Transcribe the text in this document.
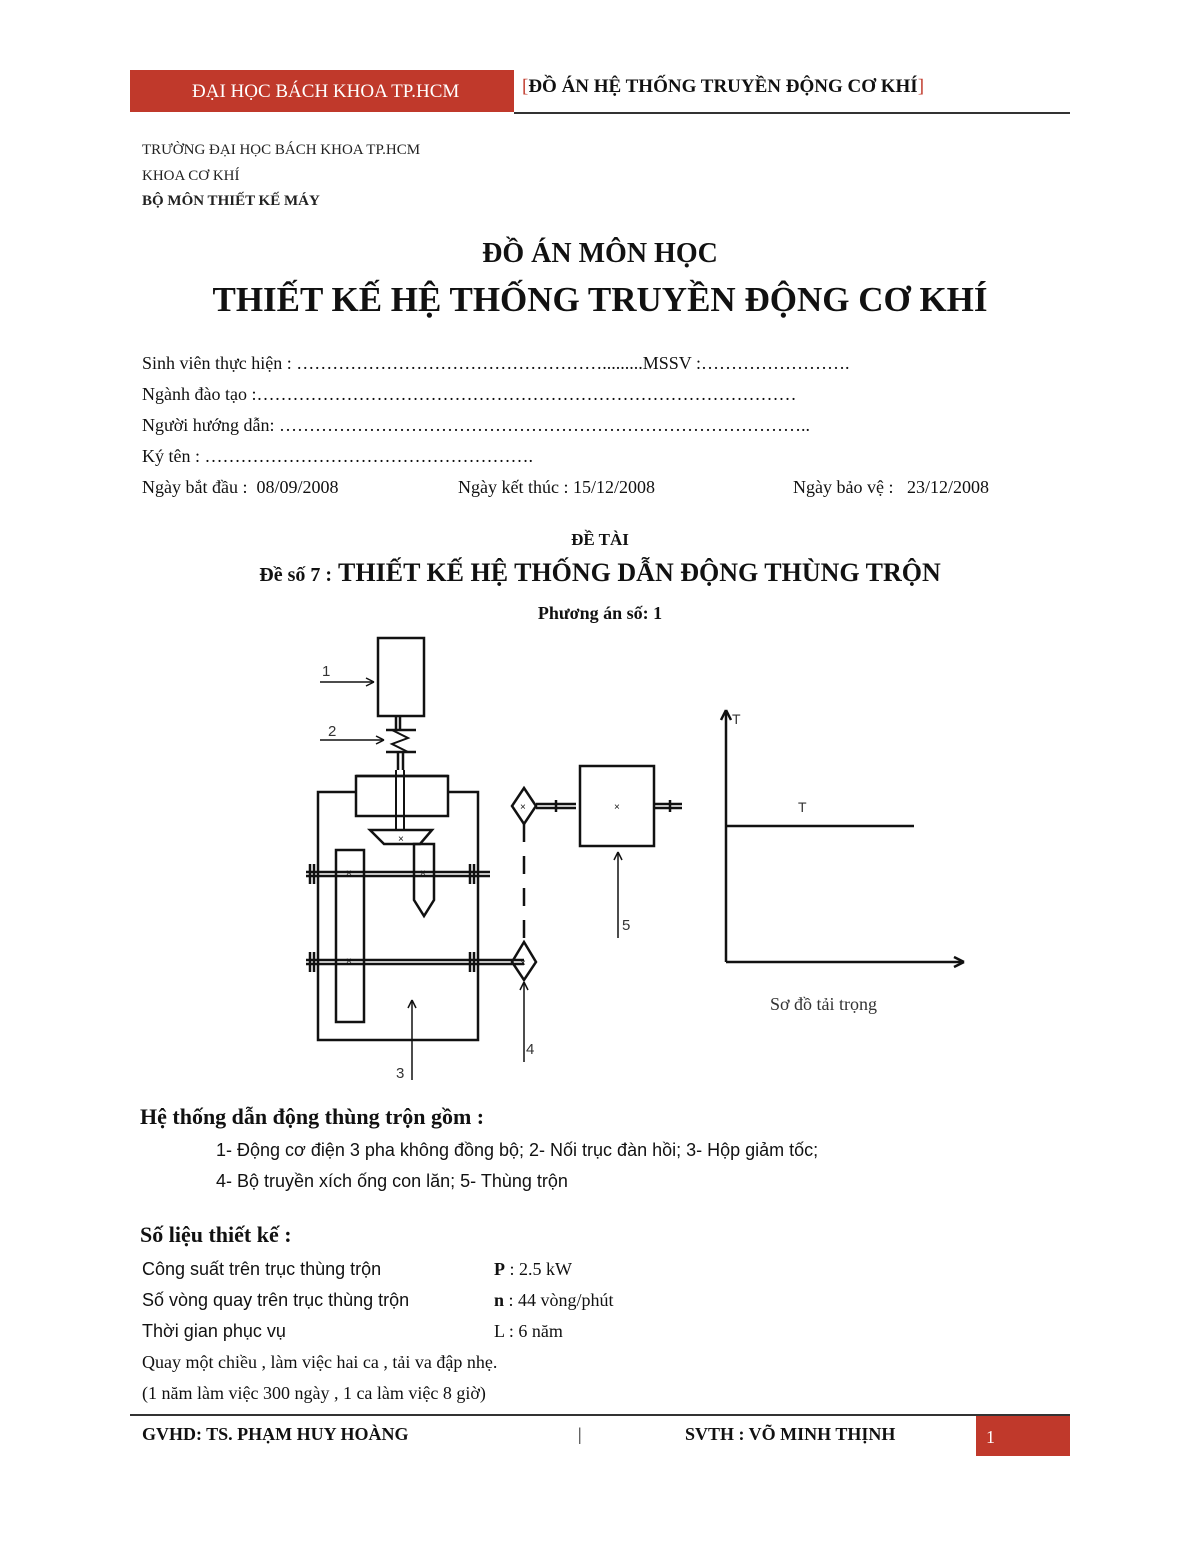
ĐẠI HỌC BÁCH KHOA TP.HCM	[ĐỒ ÁN HỆ THỐNG TRUYỀN ĐỘNG CƠ KHÍ]
TRƯỜNG ĐẠI HỌC BÁCH KHOA TP.HCM
KHOA CƠ KHÍ
BỘ MÔN THIẾT KẾ MÁY
ĐỒ ÁN MÔN HỌC
THIẾT KẾ HỆ THỐNG TRUYỀN ĐỘNG CƠ KHÍ
Sinh viên thực hiện : …………………………………………….........MSSV :…………………….
Ngành đào tạo :………………………………………………………………………………
Người hướng dẫn: ……………………………………………………………………………..
Ký tên : ……………………………………………….
Ngày bắt đầu : 08/09/2008	Ngày kết thúc : 15/12/2008	Ngày bảo vệ : 23/12/2008
ĐỀ TÀI
Đề số 7 : THIẾT KẾ HỆ THỐNG DẪN ĐỘNG THÙNG TRỘN
Phương án số: 1
×
×
×
×
×
×
×
1
2
3
4
5
T
T
Sơ đồ tải trọng
Hệ thống dẫn động thùng trộn gồm :
1- Động cơ điện 3 pha không đồng bộ; 2- Nối trục đàn hồi; 3- Hộp giảm tốc;
4- Bộ truyền xích ống con lăn; 5- Thùng trộn
Số liệu thiết kế :
Công suất trên trục thùng trộn	P : 2.5 kW
Số vòng quay trên trục thùng trộn	n : 44 vòng/phút
Thời gian phục vụ	L : 6 năm
Quay một chiều , làm việc hai ca , tải va đập nhẹ.
(1 năm làm việc 300 ngày , 1 ca làm việc 8 giờ)
GVHD: TS. PHẠM HUY HOÀNG	|	SVTH : VÕ MINH THỊNH	1
